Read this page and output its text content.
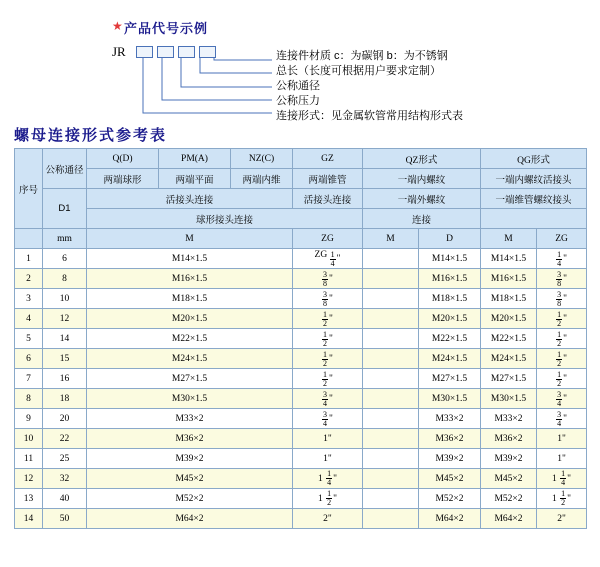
★ 产品代号示例
JR	连接件材质 c：为碳钢 b：为不锈钢
总长（长度可根据用户要求定制）
公称通径
公称压力
连接形式：见金属软管常用结构形式表
螺母连接形式参考表
序号	公称通径	Q(D)	PM(A)	NZ(C)	GZ	QZ形式		QG形式	
		两端球形	两端平面	两端内维	两端锥管	一端内螺纹		一端内螺纹活接头	
	D1	活接头连接			活接头连接	一端外螺纹		一端维管螺纹接头	
		球形接头连接				连接			
	mm	M			ZG	M	D	M	ZG
1	6	M14×1.5			ZG $\frac{1}{4}$ "		M14×1.5	M14×1.5	$\frac{1}{4}$ "
2	8	M16×1.5			$\frac{3}{8}$ "		M16×1.5	M16×1.5	$\frac{3}{8}$ "
3	10	M18×1.5			$\frac{3}{8}$ "		M18×1.5	M18×1.5	$\frac{3}{8}$ "
4	12	M20×1.5			$\frac{1}{2}$ "		M20×1.5	M20×1.5	$\frac{1}{2}$ "
5	14	M22×1.5			$\frac{1}{2}$ "		M22×1.5	M22×1.5	$\frac{1}{2}$ "
6	15	M24×1.5			$\frac{1}{2}$ "		M24×1.5	M24×1.5	$\frac{1}{2}$ "
7	16	M27×1.5			$\frac{1}{2}$ "		M27×1.5	M27×1.5	$\frac{1}{2}$ "
8	18	M30×1.5			$\frac{3}{4}$ "		M30×1.5	M30×1.5	$\frac{3}{4}$ "
9	20	M33×2			$\frac{3}{4}$ "		M33×2	M33×2	$\frac{3}{4}$ "
10	22	M36×2			1"		M36×2	M36×2	1"
11	25	M39×2			1"		M39×2	M39×2	1"
12	32	M45×2			$1 \frac{1}{4}$ "		M45×2	M45×2	$1 \frac{1}{4}$ "
13	40	M52×2			$1 \frac{1}{2}$ "		M52×2	M52×2	$1 \frac{1}{2}$ "
14	50	M64×2			2"		M64×2	M64×2	2"
